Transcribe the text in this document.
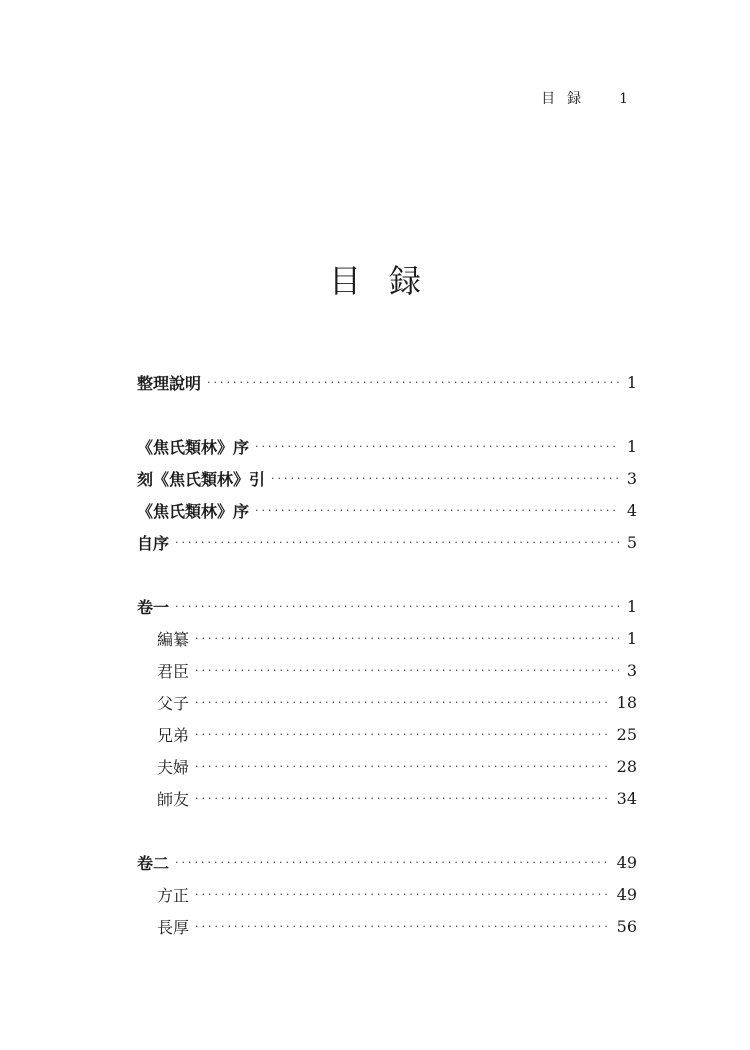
目録 1
目録
整理說明 ·····	1
《焦氏類林》序 ·····	1
刻《焦氏類林》引 ·····	3
《焦氏類林》序 ·····	4
自序 ·····	5
卷一 ·····	1
編纂 ·····	1
君臣 ·····	3
父子 ·····	18
兄弟 ·····	25
夫婦 ·····	28
師友 ·····	34
卷二 ·····	49
方正 ·····	49
長厚 ·····	56
